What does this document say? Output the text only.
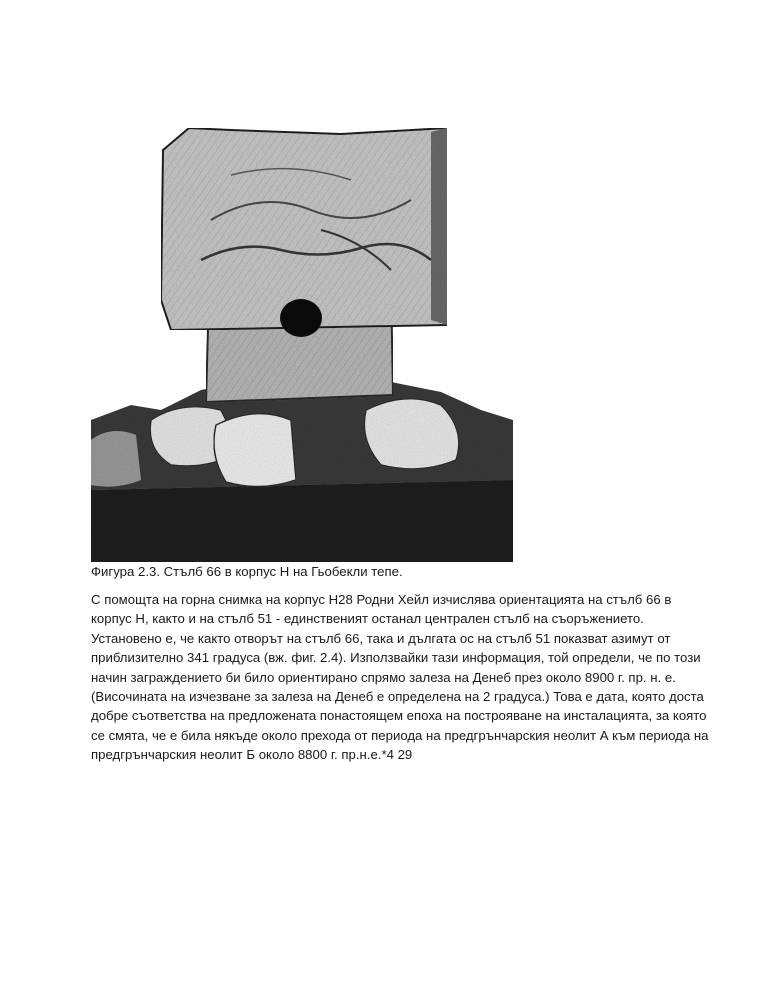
Фигура 2.3. Стълб 66 в корпус H на Гьобекли тепе.
С помощта на горна снимка на корпус H28 Родни Хейл изчислява ориентацията на стълб 66 в
корпус H, както и на стълб 51 - единственият останал централен стълб на съоръжението.
Установено е, че както отворът на стълб 66, така и дългата ос на стълб 51 показват азимут от
приблизително 341 градуса (вж. фиг. 2.4). Използвайки тази информация, той определи, че по този
начин заграждението би било ориентирано спрямо залеза на Денеб през около 8900 г. пр. н. е.
(Височината на изчезване за залеза на Денеб е определена на 2 градуса.) Това е дата, която доста
добре съответства на предложената понастоящем епоха на построяване на инсталацията, за която
се смята, че е била някъде около прехода от периода на предгрънчарския неолит А към периода на
предгрънчарския неолит Б около 8800 г. пр.н.е.*4 29
